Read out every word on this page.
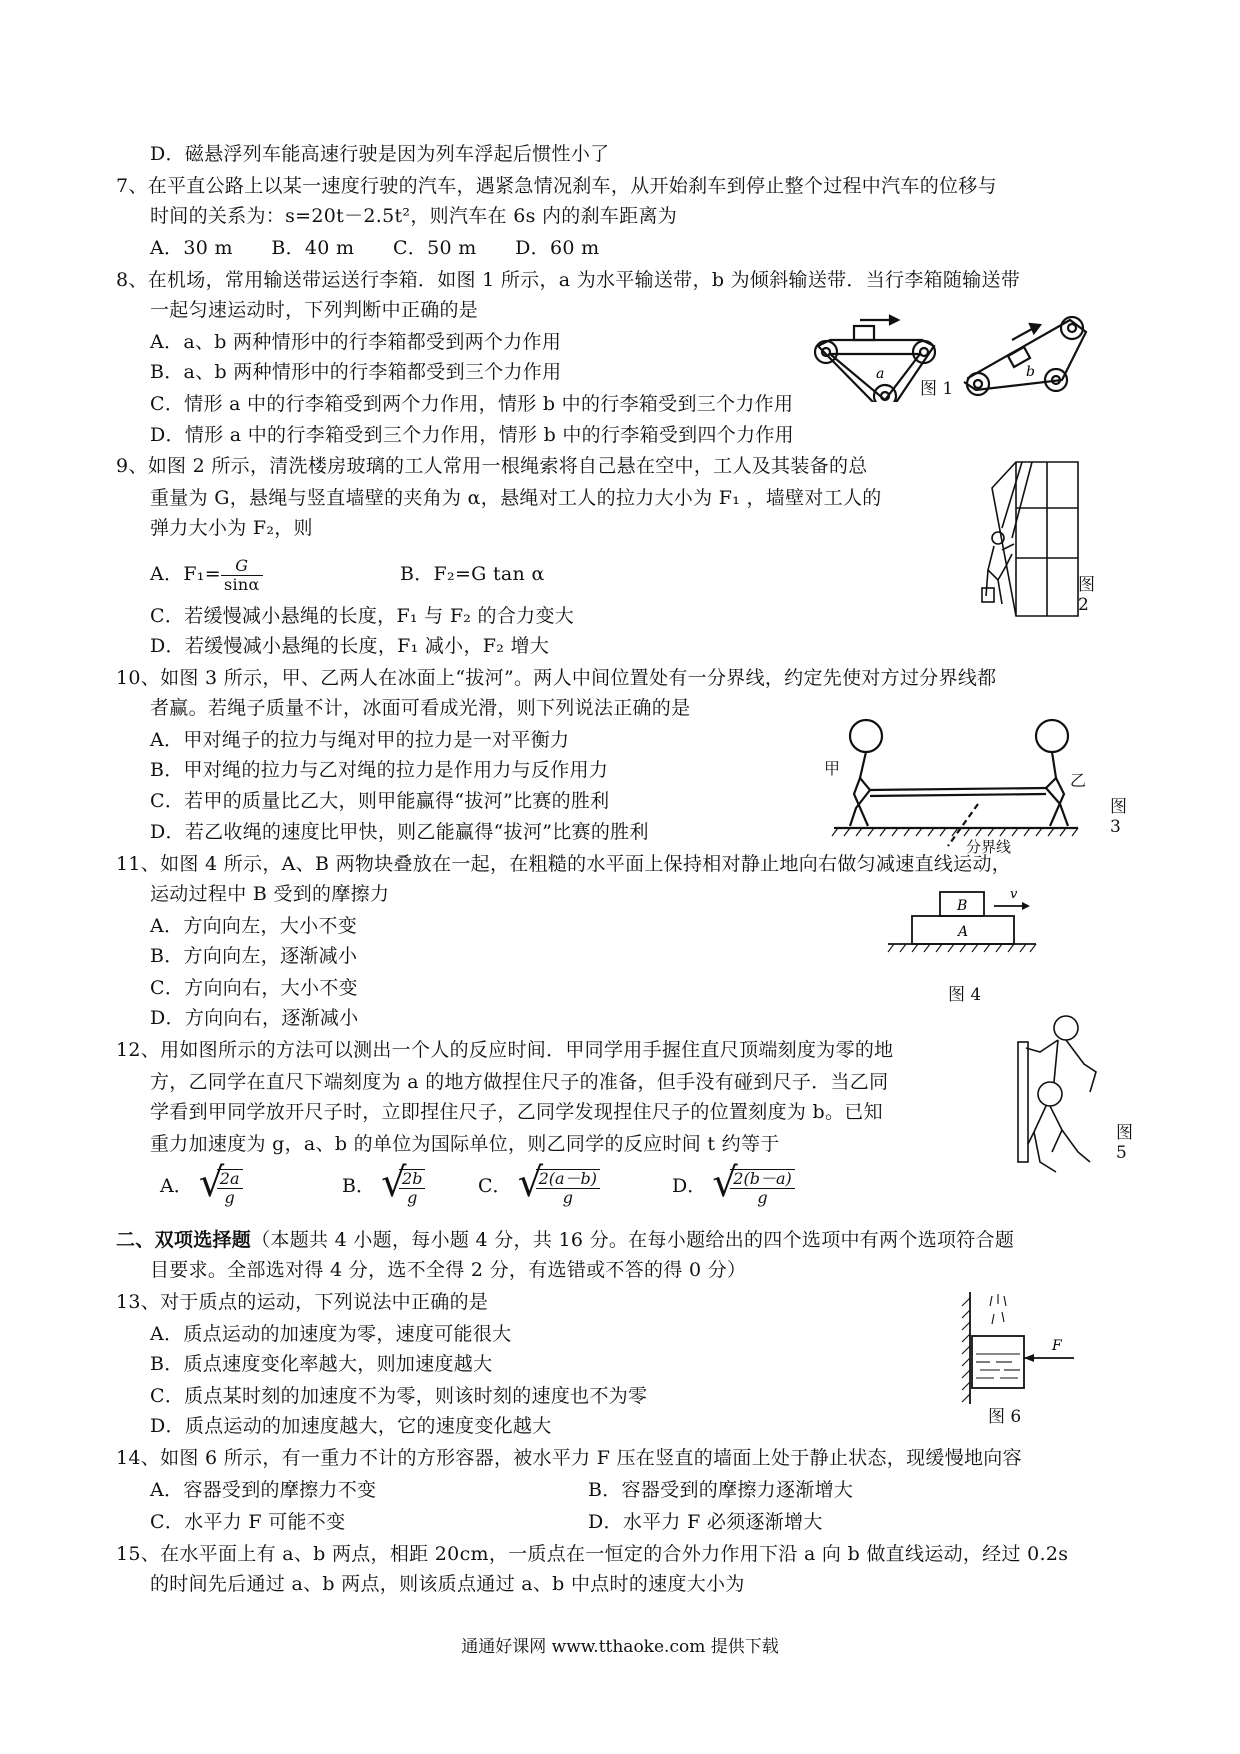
D．磁悬浮列车能高速行驶是因为列车浮起后惯性小了
7、在平直公路上以某一速度行驶的汽车，遇紧急情况刹车，从开始刹车到停止整个过程中汽车的位移与
时间的关系为：s=20t－2.5t²，则汽车在 6s 内的刹车距离为
A．30 m　　B．40 m　　C．50 m　　D．60 m
8、在机场，常用输送带运送行李箱．如图 1 所示，a 为水平输送带，b 为倾斜输送带．当行李箱随输送带
一起匀速运动时，下列判断中正确的是
A．a、b 两种情形中的行李箱都受到两个力作用
B．a、b 两种情形中的行李箱都受到三个力作用
C．情形 a 中的行李箱受到两个力作用，情形 b 中的行李箱受到三个力作用
D．情形 a 中的行李箱受到三个力作用，情形 b 中的行李箱受到四个力作用
a	b
图 1
9、如图 2 所示，清洗楼房玻璃的工人常用一根绳索将自己悬在空中，工人及其装备的总
重量为 G，悬绳与竖直墙壁的夹角为 α，悬绳对工人的拉力大小为 F₁ ，墙壁对工人的
弹力大小为 F₂，则
A．$F_1= \frac{G}{\sin\alpha}$	B．F₂=G tan α
C．若缓慢减小悬绳的长度，F₁ 与 F₂ 的合力变大
D．若缓慢减小悬绳的长度，F₁ 减小，F₂ 增大
图 2
10、如图 3 所示，甲、乙两人在冰面上“拔河”。两人中间位置处有一分界线，约定先使对方过分界线都
者赢。若绳子质量不计，冰面可看成光滑，则下列说法正确的是
A．甲对绳子的拉力与绳对甲的拉力是一对平衡力
B．甲对绳的拉力与乙对绳的拉力是作用力与反作用力
C．若甲的质量比乙大，则甲能赢得“拔河”比赛的胜利
D．若乙收绳的速度比甲快，则乙能赢得“拔河”比赛的胜利
甲
乙
分界线
图 3
11、如图 4 所示，A、B 两物块叠放在一起，在粗糙的水平面上保持相对静止地向右做匀减速直线运动，
运动过程中 B 受到的摩擦力
A．方向向左，大小不变
B．方向向左，逐渐减小
C．方向向右，大小不变
D．方向向右，逐渐减小
B
A
v
图 4
12、用如图所示的方法可以测出一个人的反应时间．甲同学用手握住直尺顶端刻度为零的地
方，乙同学在直尺下端刻度为 a 的地方做捏住尺子的准备，但手没有碰到尺子．当乙同
学看到甲同学放开尺子时，立即捏住尺子，乙同学发现捏住尺子的位置刻度为 b。已知
重力加速度为 g，a、b 的单位为国际单位，则乙同学的反应时间 t 约等于
A． √
$\frac{2a}{g}$	B． √
$\frac{2b}{g}$	C． √
$\frac{2(a-b)}{g}$	D． √
$\frac{2(b-a)}{g}$
图 5
二、双项选择题（本题共 4 小题，每小题 4 分，共 16 分。在每小题给出的四个选项中有两个选项符合题
目要求。全部选对得 4 分，选不全得 2 分，有选错或不答的得 0 分）
13、对于质点的运动，下列说法中正确的是
A．质点运动的加速度为零，速度可能很大
B．质点速度变化率越大，则加速度越大
C．质点某时刻的加速度不为零，则该时刻的速度也不为零
D．质点运动的加速度越大，它的速度变化越大
F
图 6
14、如图 6 所示，有一重力不计的方形容器，被水平力 F 压在竖直的墙面上处于静止状态，现缓慢地向容
A．容器受到的摩擦力不变	B．容器受到的摩擦力逐渐增大
C．水平力 F 可能不变	D．水平力 F 必须逐渐增大
15、在水平面上有 a、b 两点，相距 20cm，一质点在一恒定的合外力作用下沿 a 向 b 做直线运动，经过 0.2s
的时间先后通过 a、b 两点，则该质点通过 a、b 中点时的速度大小为
通通好课网 www.tthaoke.com 提供下载
